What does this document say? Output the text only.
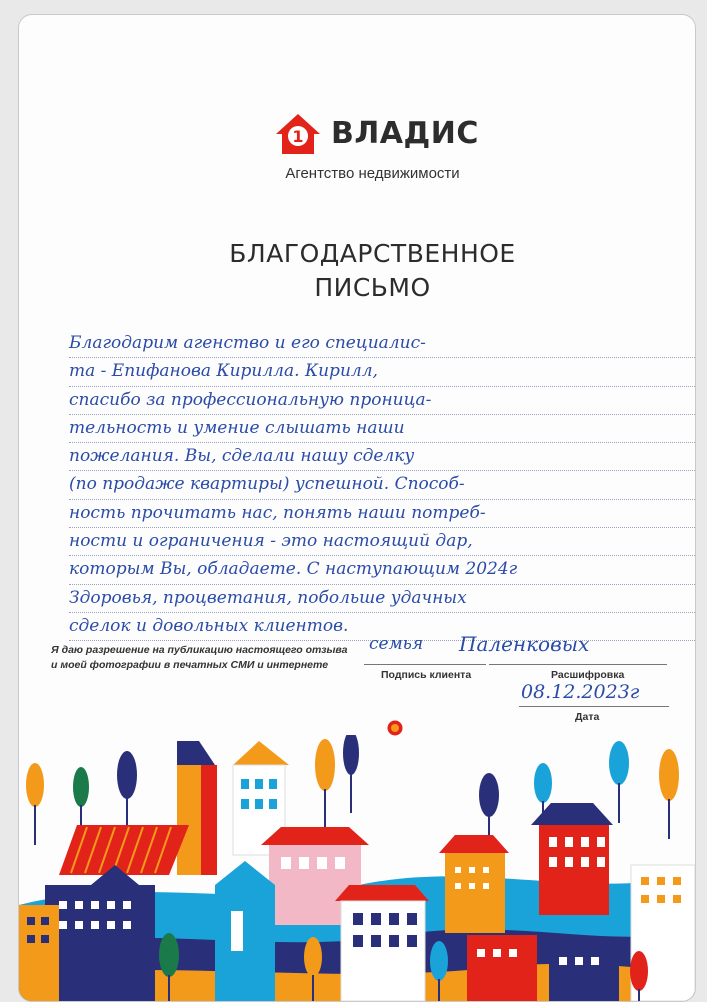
1 ВЛАДИС
Агентство недвижимости
БЛАГОДАРСТВЕННОЕ
ПИСЬМО
Благодарим агенство и его специалис-
та - Епифанова Кирилла. Кирилл,
спасибо за профессиональную проница-
тельность и умение слышать наши
пожелания. Вы, сделали нашу сделку
(по продаже квартиры) успешной. Способ-
ность прочитать нас, понять наши потреб-
ности и ограничения - это настоящий дар,
которым Вы, обладаете. С наступающим 2024г
Здоровья, процветания, побольше удачных
сделок и довольных клиентов.
Я даю разрешение на публикацию настоящего отзыва
и моей фотографии в печатных СМИ и интернете
семья
Подпись клиента
Паленковых
Расшифровка
08.12.2023г
Дата
